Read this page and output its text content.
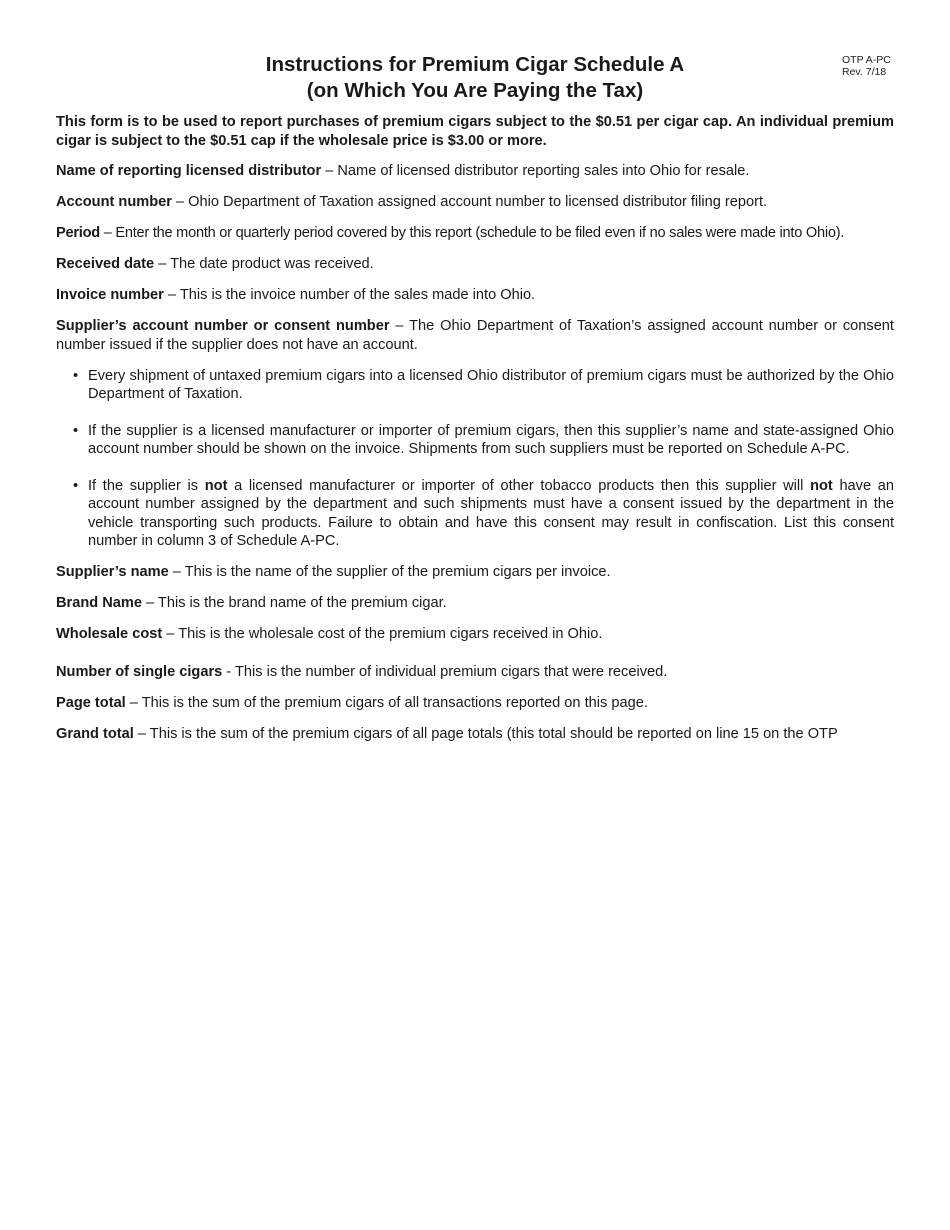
OTP A-PC
Rev. 7/18
Instructions for Premium Cigar Schedule A
(on Which You Are Paying the Tax)

This form is to be used to report purchases of premium cigars subject to the $0.51 per cigar cap. An individual premium cigar is subject to the $0.51 cap if the wholesale price is $3.00 or more.

Name of reporting licensed distributor – Name of licensed distributor reporting sales into Ohio for resale.

Account number – Ohio Department of Taxation assigned account number to licensed distributor filing report.

Period – Enter the month or quarterly period covered by this report (schedule to be filed even if no sales were made into Ohio).

Received date – The date product was received.

Invoice number – This is the invoice number of the sales made into Ohio.

Supplier’s account number or consent number – The Ohio Department of Taxation’s assigned account number or consent number issued if the supplier does not have an account.

• Every shipment of untaxed premium cigars into a licensed Ohio distributor of premium cigars must be authorized by the Ohio Department of Taxation.
• If the supplier is a licensed manufacturer or importer of premium cigars, then this supplier’s name and state-assigned Ohio account number should be shown on the invoice. Shipments from such suppliers must be reported on Schedule A-PC.
• If the supplier is not a licensed manufacturer or importer of other tobacco products then this supplier will not have an account number assigned by the department and such shipments must have a consent issued by the department in the vehicle transporting such products. Failure to obtain and have this consent may result in confiscation. List this consent number in column 3 of Schedule A-PC.

Supplier’s name – This is the name of the supplier of the premium cigars per invoice.

Brand Name – This is the brand name of the premium cigar.

Wholesale cost – This is the wholesale cost of the premium cigars received in Ohio.

Number of single cigars - This is the number of individual premium cigars that were received.

Page total – This is the sum of the premium cigars of all transactions reported on this page.

Grand total – This is the sum of the premium cigars of all page totals (this total should be reported on line 15 on the OTP
